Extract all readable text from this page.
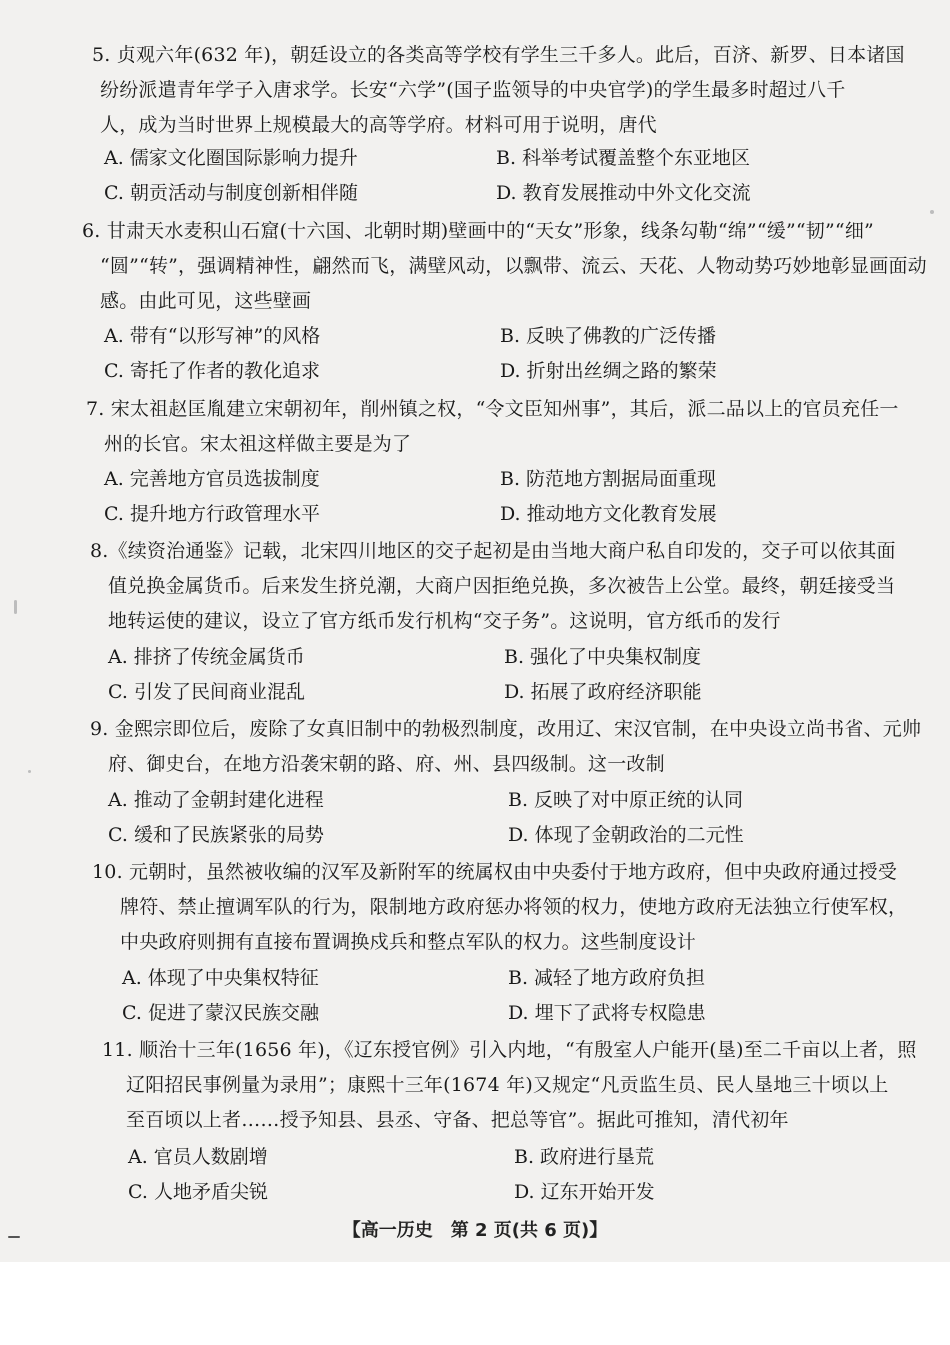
5. 贞观六年(632 年)，朝廷设立的各类高等学校有学生三千多人。此后，百济、新罗、日本诸国
纷纷派遣青年学子入唐求学。长安“六学”(国子监领导的中央官学)的学生最多时超过八千
人，成为当时世界上规模最大的高等学府。材料可用于说明，唐代
A. 儒家文化圈国际影响力提升	B. 科举考试覆盖整个东亚地区
C. 朝贡活动与制度创新相伴随	D. 教育发展推动中外文化交流
6. 甘肃天水麦积山石窟(十六国、北朝时期)壁画中的“天女”形象，线条勾勒“绵”“缓”“韧”“细”
“圆”“转”，强调精神性，翩然而飞，满壁风动，以飘带、流云、天花、人物动势巧妙地彰显画面动
感。由此可见，这些壁画
A. 带有“以形写神”的风格	B. 反映了佛教的广泛传播
C. 寄托了作者的教化追求	D. 折射出丝绸之路的繁荣
7. 宋太祖赵匡胤建立宋朝初年，削州镇之权，“令文臣知州事”，其后，派二品以上的官员充任一
州的长官。宋太祖这样做主要是为了
A. 完善地方官员选拔制度	B. 防范地方割据局面重现
C. 提升地方行政管理水平	D. 推动地方文化教育发展
8.《续资治通鉴》记载，北宋四川地区的交子起初是由当地大商户私自印发的，交子可以依其面
值兑换金属货币。后来发生挤兑潮，大商户因拒绝兑换，多次被告上公堂。最终，朝廷接受当
地转运使的建议，设立了官方纸币发行机构“交子务”。这说明，官方纸币的发行
A. 排挤了传统金属货币	B. 强化了中央集权制度
C. 引发了民间商业混乱	D. 拓展了政府经济职能
9. 金熙宗即位后，废除了女真旧制中的勃极烈制度，改用辽、宋汉官制，在中央设立尚书省、元帅
府、御史台，在地方沿袭宋朝的路、府、州、县四级制。这一改制
A. 推动了金朝封建化进程	B. 反映了对中原正统的认同
C. 缓和了民族紧张的局势	D. 体现了金朝政治的二元性
10. 元朝时，虽然被收编的汉军及新附军的统属权由中央委付于地方政府，但中央政府通过授受
牌符、禁止擅调军队的行为，限制地方政府惩办将领的权力，使地方政府无法独立行使军权，
中央政府则拥有直接布置调换戍兵和整点军队的权力。这些制度设计
A. 体现了中央集权特征	B. 减轻了地方政府负担
C. 促进了蒙汉民族交融	D. 埋下了武将专权隐患
11. 顺治十三年(1656 年)，《辽东授官例》引入内地，“有殷室人户能开(垦)至二千亩以上者，照
辽阳招民事例量为录用”；康熙十三年(1674 年)又规定“凡贡监生员、民人垦地三十顷以上
至百顷以上者……授予知县、县丞、守备、把总等官”。据此可推知，清代初年
A. 官员人数剧增	B. 政府进行垦荒
C. 人地矛盾尖锐	D. 辽东开始开发
【高一历史　第 2 页(共 6 页)】
